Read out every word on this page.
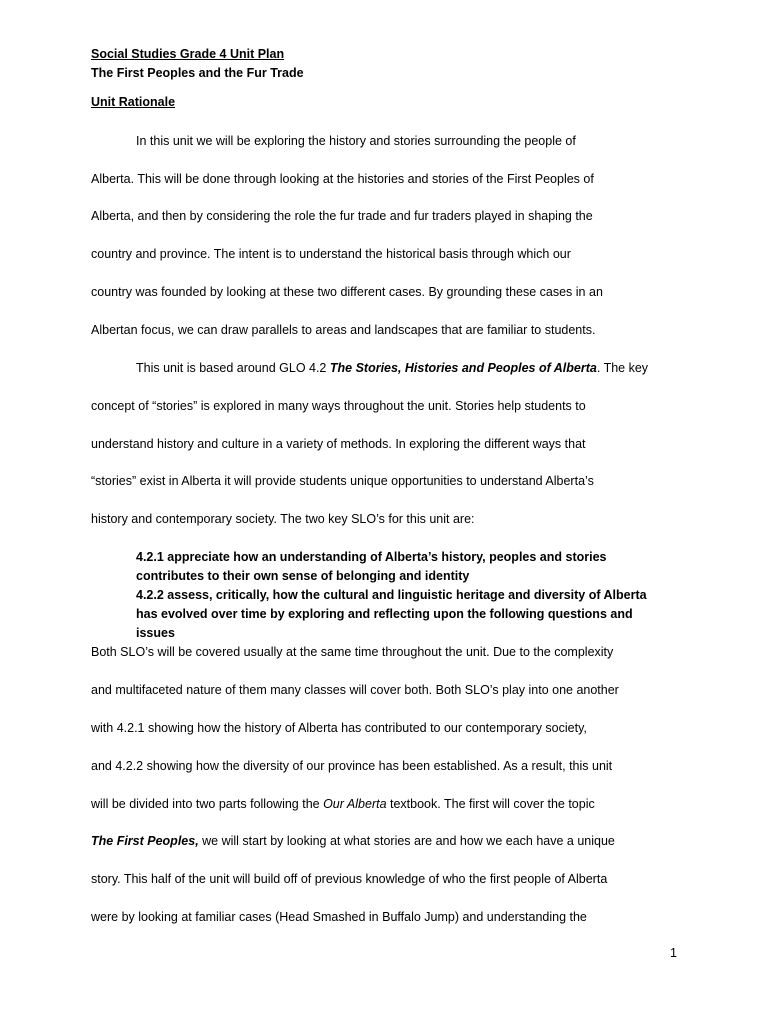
Social Studies Grade 4 Unit Plan
The First Peoples and the Fur Trade
Unit Rationale
In this unit we will be exploring the history and stories surrounding the people of
Alberta. This will be done through looking at the histories and stories of the First Peoples of
Alberta, and then by considering the role the fur trade and fur traders played in shaping the
country and province. The intent is to understand the historical basis through which our
country was founded by looking at these two different cases. By grounding these cases in an
Albertan focus, we can draw parallels to areas and landscapes that are familiar to students.
This unit is based around GLO 4.2 The Stories, Histories and Peoples of Alberta. The key
concept of “stories” is explored in many ways throughout the unit. Stories help students to
understand history and culture in a variety of methods. In exploring the different ways that
“stories” exist in Alberta it will provide students unique opportunities to understand Alberta’s
history and contemporary society. The two key SLO’s for this unit are:
4.2.1 appreciate how an understanding of Alberta’s history, peoples and stories
contributes to their own sense of belonging and identity
4.2.2 assess, critically, how the cultural and linguistic heritage and diversity of Alberta
has evolved over time by exploring and reflecting upon the following questions and
issues
Both SLO’s will be covered usually at the same time throughout the unit. Due to the complexity
and multifaceted nature of them many classes will cover both. Both SLO’s play into one another
with 4.2.1 showing how the history of Alberta has contributed to our contemporary society,
and 4.2.2 showing how the diversity of our province has been established. As a result, this unit
will be divided into two parts following the Our Alberta textbook. The first will cover the topic
The First Peoples, we will start by looking at what stories are and how we each have a unique
story. This half of the unit will build off of previous knowledge of who the first people of Alberta
were by looking at familiar cases (Head Smashed in Buffalo Jump) and understanding the
1
